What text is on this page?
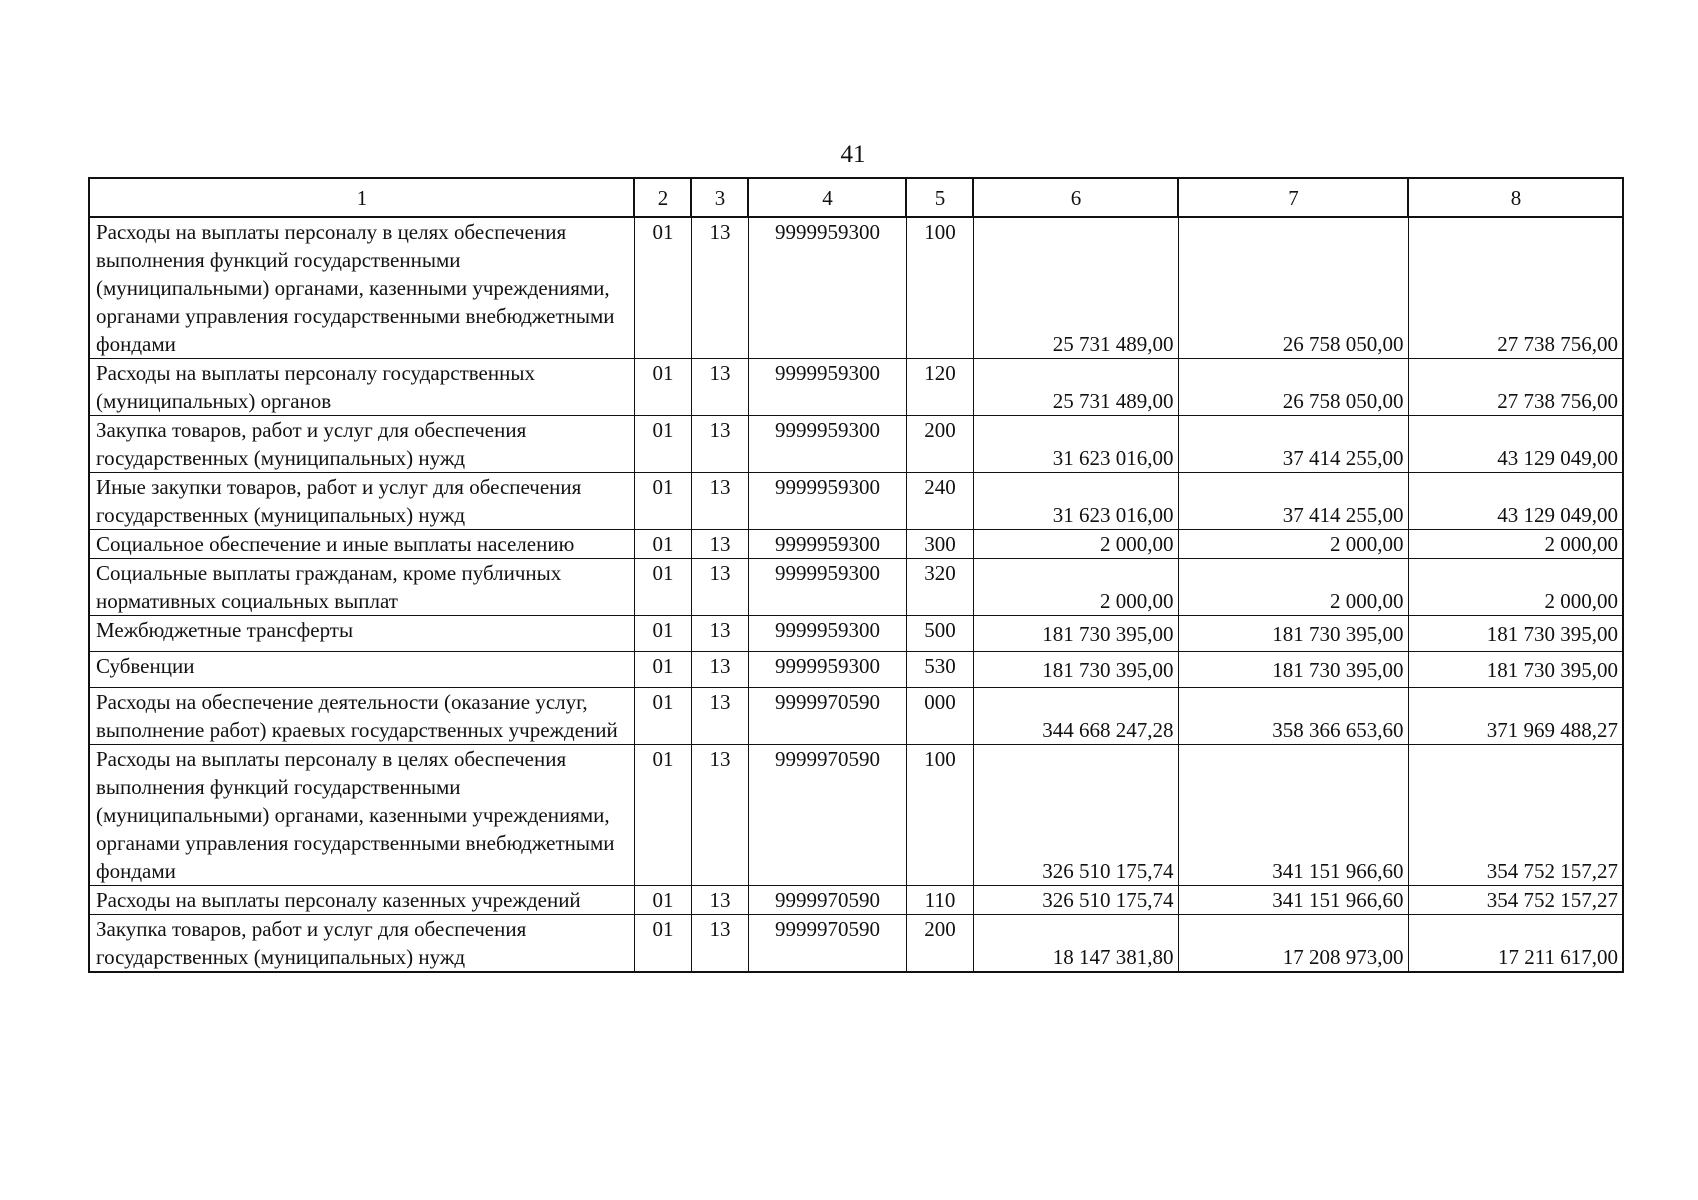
41
1	2	3	4	5	6	7	8
Расходы на выплаты персоналу в целях обеспечения выполнения функций государственными (муниципальными) органами, казенными учреждениями, органами управления государственными внебюджетными фондами	01	13	9999959300	100	25 731 489,00	26 758 050,00	27 738 756,00
Расходы на выплаты персоналу государственных (муниципальных) органов	01	13	9999959300	120	25 731 489,00	26 758 050,00	27 738 756,00
Закупка товаров, работ и услуг для обеспечения государственных (муниципальных) нужд	01	13	9999959300	200	31 623 016,00	37 414 255,00	43 129 049,00
Иные закупки товаров, работ и услуг для обеспечения государственных (муниципальных) нужд	01	13	9999959300	240	31 623 016,00	37 414 255,00	43 129 049,00
Социальное обеспечение и иные выплаты населению	01	13	9999959300	300	2 000,00	2 000,00	2 000,00
Социальные выплаты гражданам, кроме публичных нормативных социальных выплат	01	13	9999959300	320	2 000,00	2 000,00	2 000,00
Межбюджетные трансферты	01	13	9999959300	500	181 730 395,00	181 730 395,00	181 730 395,00
Субвенции	01	13	9999959300	530	181 730 395,00	181 730 395,00	181 730 395,00
Расходы на обеспечение деятельности (оказание услуг, выполнение работ) краевых государственных учреждений	01	13	9999970590	000	344 668 247,28	358 366 653,60	371 969 488,27
Расходы на выплаты персоналу в целях обеспечения выполнения функций государственными (муниципальными) органами, казенными учреждениями, органами управления государственными внебюджетными фондами	01	13	9999970590	100	326 510 175,74	341 151 966,60	354 752 157,27
Расходы на выплаты персоналу казенных учреждений	01	13	9999970590	110	326 510 175,74	341 151 966,60	354 752 157,27
Закупка товаров, работ и услуг для обеспечения государственных (муниципальных) нужд	01	13	9999970590	200	18 147 381,80	17 208 973,00	17 211 617,00
